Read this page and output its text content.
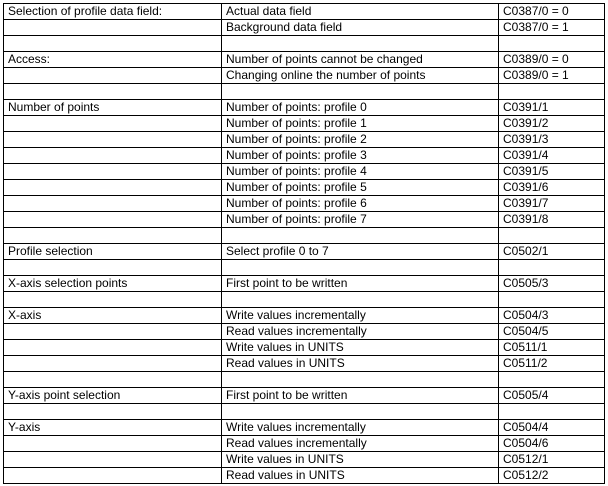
Selection of profile data field:	Actual data field	C0387/0 = 0
	Background data field	C0387/0 = 1

Access:	Number of points cannot be changed	C0389/0 = 0
	Changing online the number of points	C0389/0 = 1

Number of points	Number of points: profile 0	C0391/1
	Number of points: profile 1	C0391/2
	Number of points: profile 2	C0391/3
	Number of points: profile 3	C0391/4
	Number of points: profile 4	C0391/5
	Number of points: profile 5	C0391/6
	Number of points: profile 6	C0391/7
	Number of points: profile 7	C0391/8

Profile selection	Select profile 0 to 7	C0502/1

X-axis selection points	First point to be written	C0505/3

X-axis	Write values incrementally	C0504/3
	Read values incrementally	C0504/5
	Write values in UNITS	C0511/1
	Read values in UNITS	C0511/2

Y-axis point selection	First point to be written	C0505/4

Y-axis	Write values incrementally	C0504/4
	Read values incrementally	C0504/6
	Write values in UNITS	C0512/1
	Read values in UNITS	C0512/2
